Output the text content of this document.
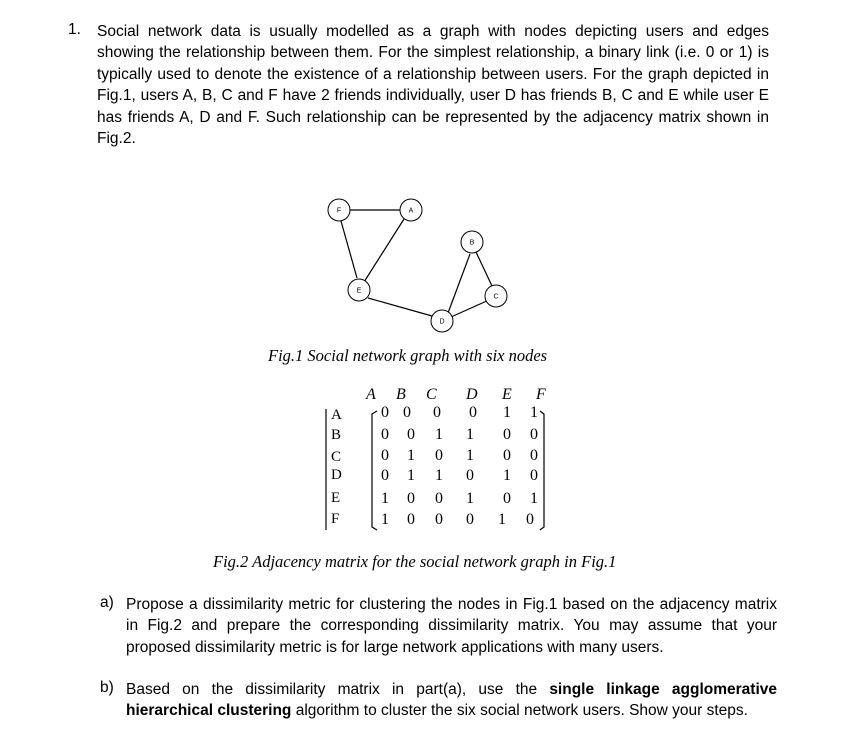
1. Social network data is usually modelled as a graph with nodes depicting users and edges showing the relationship between them. For the simplest relationship, a binary link (i.e. 0 or 1) is typically used to denote the existence of a relationship between users. For the graph depicted in Fig.1, users A, B, C and F have 2 friends individually, user D has friends B, C and E while user E has friends A, D and F. Such relationship can be represented by the adjacency matrix shown in Fig.2.
F	A
B
E
C
D
Fig.1 Social network graph with six nodes
A B C D E F
A
B
C
D
E
F
0 0 0 0 1 1
0 0 1 1 0 0
0 1 0 1 0 0
0 1 1 0 1 0
1 0 0 1 0 1
1 0 0 0 1 0
Fig.2 Adjacency matrix for the social network graph in Fig.1
a) Propose a dissimilarity metric for clustering the nodes in Fig.1 based on the adjacency matrix in Fig.2 and prepare the corresponding dissimilarity matrix. You may assume that your proposed dissimilarity metric is for large network applications with many users.
b) Based on the dissimilarity matrix in part(a), use the single linkage agglomerative hierarchical clustering algorithm to cluster the six social network users. Show your steps.
